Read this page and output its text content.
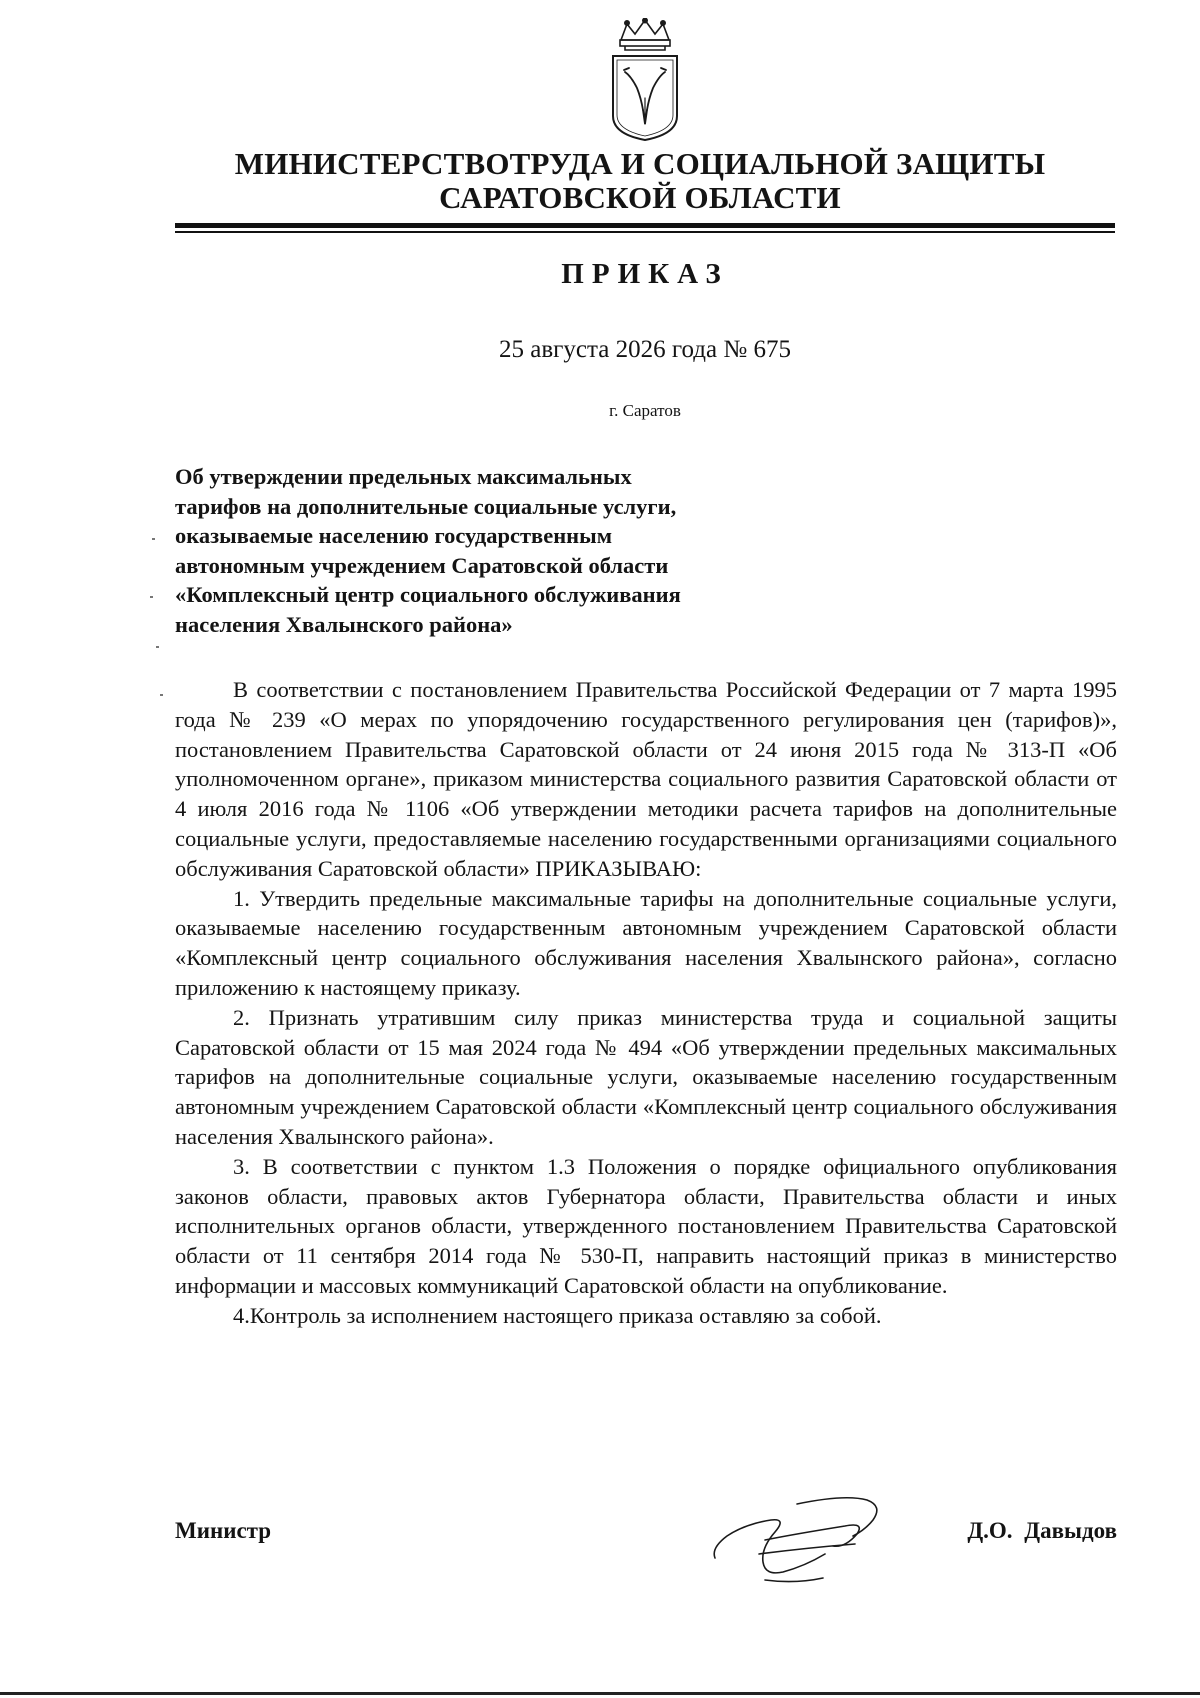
МИНИСТЕРСТВОТРУДА И СОЦИАЛЬНОЙ ЗАЩИТЫ
САРАТОВСКОЙ ОБЛАСТИ
ПРИКАЗ
25 августа 2026 года № 675
г. Саратов
Об утверждении предельных максимальных
тарифов на дополнительные социальные услуги,
оказываемые населению государственным
автономным учреждением Саратовской области
«Комплексный центр социального обслуживания
населения Хвалынского района»

В соответствии с постановлением Правительства Российской Федерации от 7 марта 1995 года № 239 «О мерах по упорядочению государственного регулирования цен (тарифов)», постановлением Правительства Саратовской области от 24 июня 2015 года № 313-П «Об уполномоченном органе», приказом министерства социального развития Саратовской области от 4 июля 2016 года № 1106 «Об утверждении методики расчета тарифов на дополнительные социальные услуги, предоставляемые населению государственными организациями социального обслуживания Саратовской области» ПРИКАЗЫВАЮ:

1. Утвердить предельные максимальные тарифы на дополнительные социальные услуги, оказываемые населению государственным автономным учреждением Саратовской области «Комплексный центр социального обслуживания населения Хвалынского района», согласно приложению к настоящему приказу.

2. Признать утратившим силу приказ министерства труда и социальной защиты Саратовской области от 15 мая 2024 года № 494 «Об утверждении предельных максимальных тарифов на дополнительные социальные услуги, оказываемые населению государственным автономным учреждением Саратовской области «Комплексный центр социального обслуживания населения Хвалынского района».

3. В соответствии с пунктом 1.3 Положения о порядке официального опубликования законов области, правовых актов Губернатора области, Правительства области и иных исполнительных органов области, утвержденного постановлением Правительства Саратовской области от 11 сентября 2014 года № 530-П, направить настоящий приказ в министерство информации и массовых коммуникаций Саратовской области на опубликование.

4.Контроль за исполнением настоящего приказа оставляю за собой.

Министр	Д.О. Давыдов
